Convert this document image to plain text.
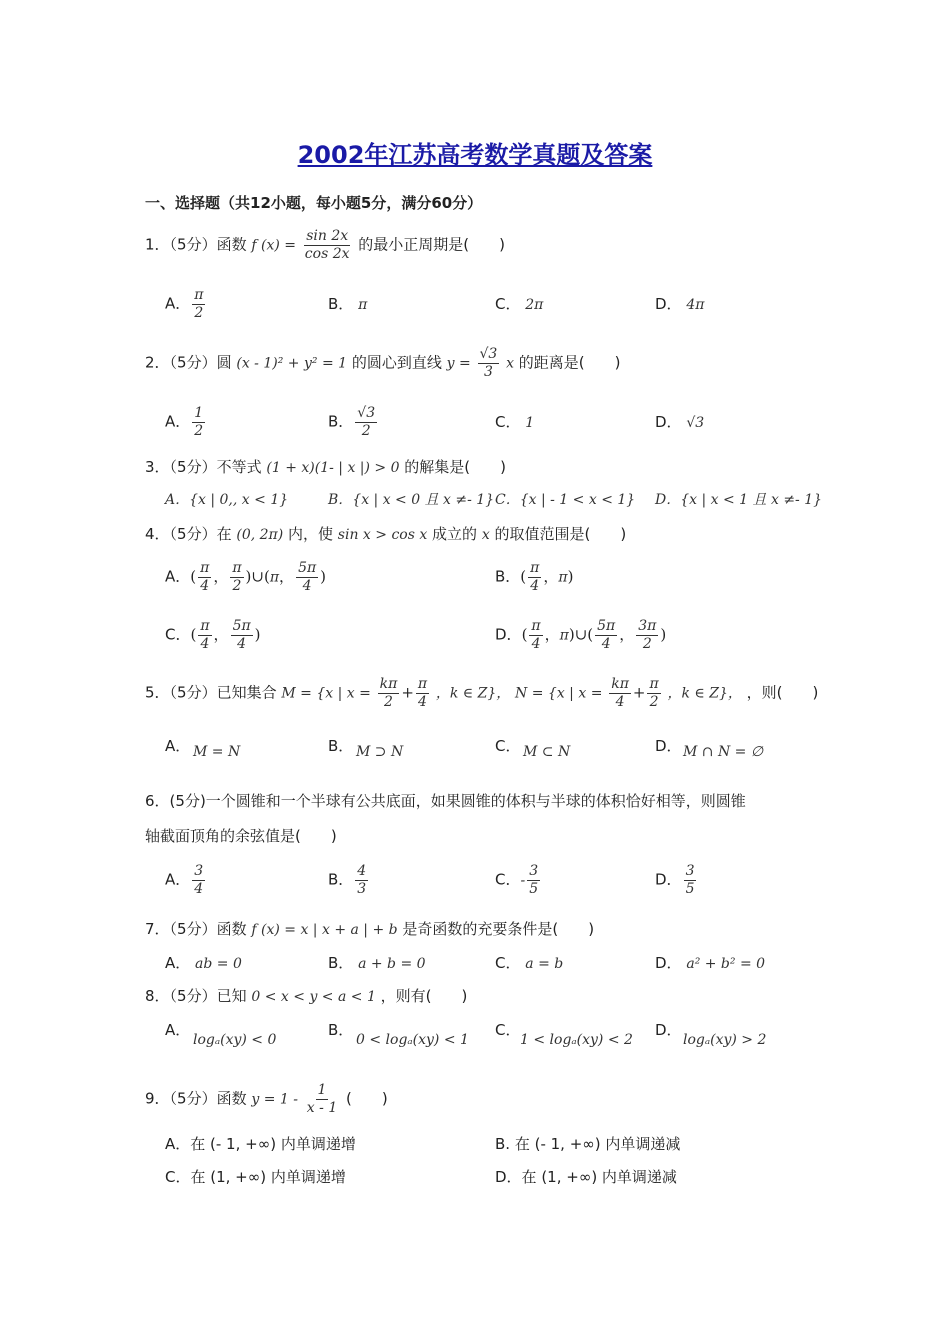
2002年江苏高考数学真题及答案
一、选择题（共12小题，每小题5分，满分60分）
1．（5分）函数 f $(x) = \frac{\sin 2x}{\cos 2x}$ 的最小正周期是(　　)
A． $\frac{\pi}{2}$	B． π	C． 2π	D． 4π
2．（5分）圆 (x - 1)² + y² = 1 的圆心到直线 $y = \frac{√3}{3}$ x 的距离是(　　)
A． $\frac{1}{2}$	B． $\frac{√3}{2}$	C． 1	D． √3
3．（5分）不等式 (1 + x)(1- | x |) > 0 的解集是(　　)
A．{x | 0,, x < 1}	B．{x | x < 0 且 x ≠- 1} C．{x | - 1 < x < 1} D．{x | x < 1 且 x ≠- 1}
4．（5分）在 (0, 2π) 内，使 sin x > cos x 成立的 x 的取值范围是(　　)
A．( $\frac{\pi}{4}$ ， $\frac{\pi}{2}$ )∪(π， $\frac{5\pi}{4}$ )	B．( $\frac{\pi}{4}$ ，π)
C．( $\frac{\pi}{4}$ ， $\frac{5\pi}{4}$ )	D．( $\frac{\pi}{4}$ ，π)∪( $\frac{5\pi}{4}$ ， $\frac{3\pi}{2}$ )
5．（5分）已知集合 M = {x | $x = \frac{k\pi}{2} + \frac{\pi}{4}$ ，k ∈ Z}， N = {x | $x = \frac{k\pi}{4} + \frac{\pi}{2}$ ，k ∈ Z}， ，则(　　)
A． M = N	B． M ⊃ N	C． M ⊂ N	D． M ∩ N = ∅
6．(5分)一个圆锥和一个半球有公共底面，如果圆锥的体积与半球的体积恰好相等，则圆锥
轴截面顶角的余弦值是(　　)
A． $\frac{3}{4}$	B． $\frac{4}{3}$	C．- $\frac{3}{5}$	D． $\frac{3}{5}$
7．（5分）函数 f (x) = x | x + a | + b 是奇函数的充要条件是(　　)
A． ab = 0	B． a + b = 0	C． a = b	D． a² + b² = 0
8．（5分）已知 0 < x < y < a < 1 ，则有(　　)
A．
logₐ(xy) < 0
B．
0 < logₐ(xy) < 1
C．
1 < logₐ(xy) < 2
D．
logₐ(xy) > 2
9．（5分）函数 $y = 1 - \frac{1}{x - 1}$ (　　)
A．在 (- 1, +∞) 内单调递增	B. 在 (- 1, +∞) 内单调递减
C．在 (1, +∞) 内单调递增	D．在 (1, +∞) 内单调递减
